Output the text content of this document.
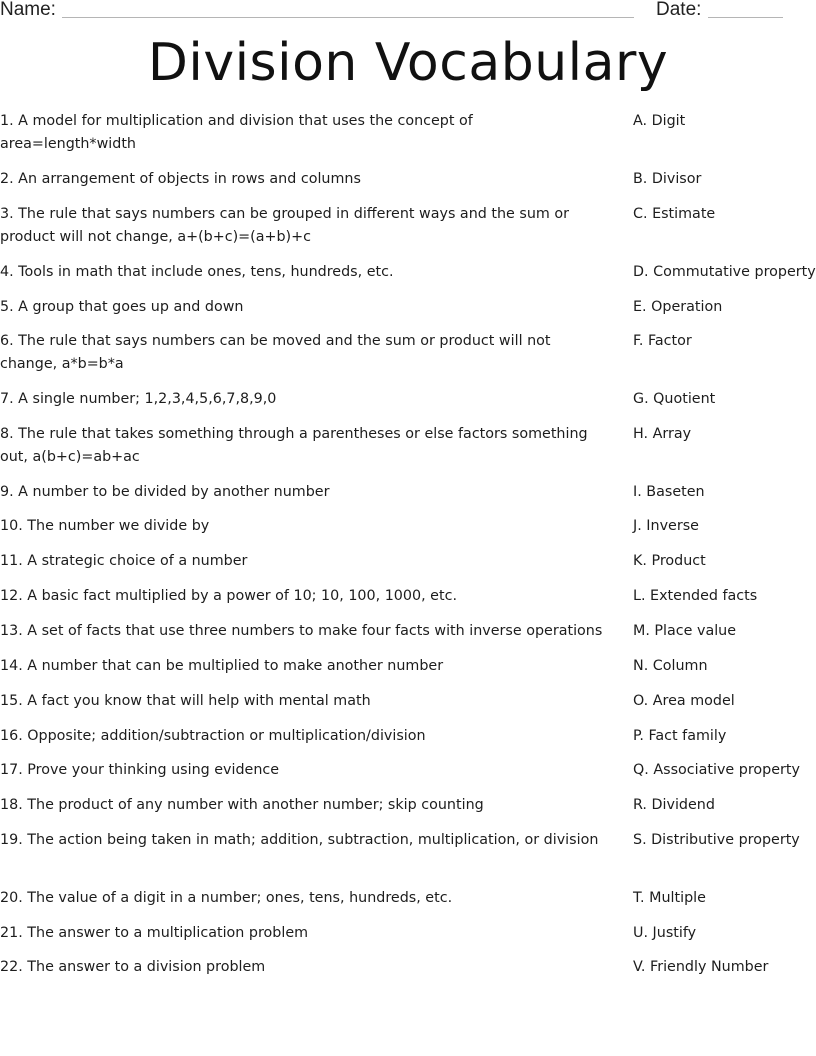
Name:	Date:
Division Vocabulary
1. A model for multiplication and division that uses the concept of area=length*width
2. An arrangement of objects in rows and columns
3. The rule that says numbers can be grouped in different ways and the sum or product will not change, a+(b+c)=(a+b)+c
4. Tools in math that include ones, tens, hundreds, etc.
5. A group that goes up and down
6. The rule that says numbers can be moved and the sum or product will not change, a*b=b*a
7. A single number; 1,2,3,4,5,6,7,8,9,0
8. The rule that takes something through a parentheses or else factors something out, a(b+c)=ab+ac
9. A number to be divided by another number
10. The number we divide by
11. A strategic choice of a number
12. A basic fact multiplied by a power of 10; 10, 100, 1000, etc.
13. A set of facts that use three numbers to make four facts with inverse operations
14. A number that can be multiplied to make another number
15. A fact you know that will help with mental math
16. Opposite; addition/subtraction or multiplication/division
17. Prove your thinking using evidence
18. The product of any number with another number; skip counting
19. The action being taken in math; addition, subtraction, multiplication, or division
20. The value of a digit in a number; ones, tens, hundreds, etc.
21. The answer to a multiplication problem
22. The answer to a division problem
A. Digit
B. Divisor
C. Estimate
D. Commutative property
E. Operation
F. Factor
G. Quotient
H. Array
I. Baseten
J. Inverse
K. Product
L. Extended facts
M. Place value
N. Column
O. Area model
P. Fact family
Q. Associative property
R. Dividend
S. Distributive property
T. Multiple
U. Justify
V. Friendly Number
